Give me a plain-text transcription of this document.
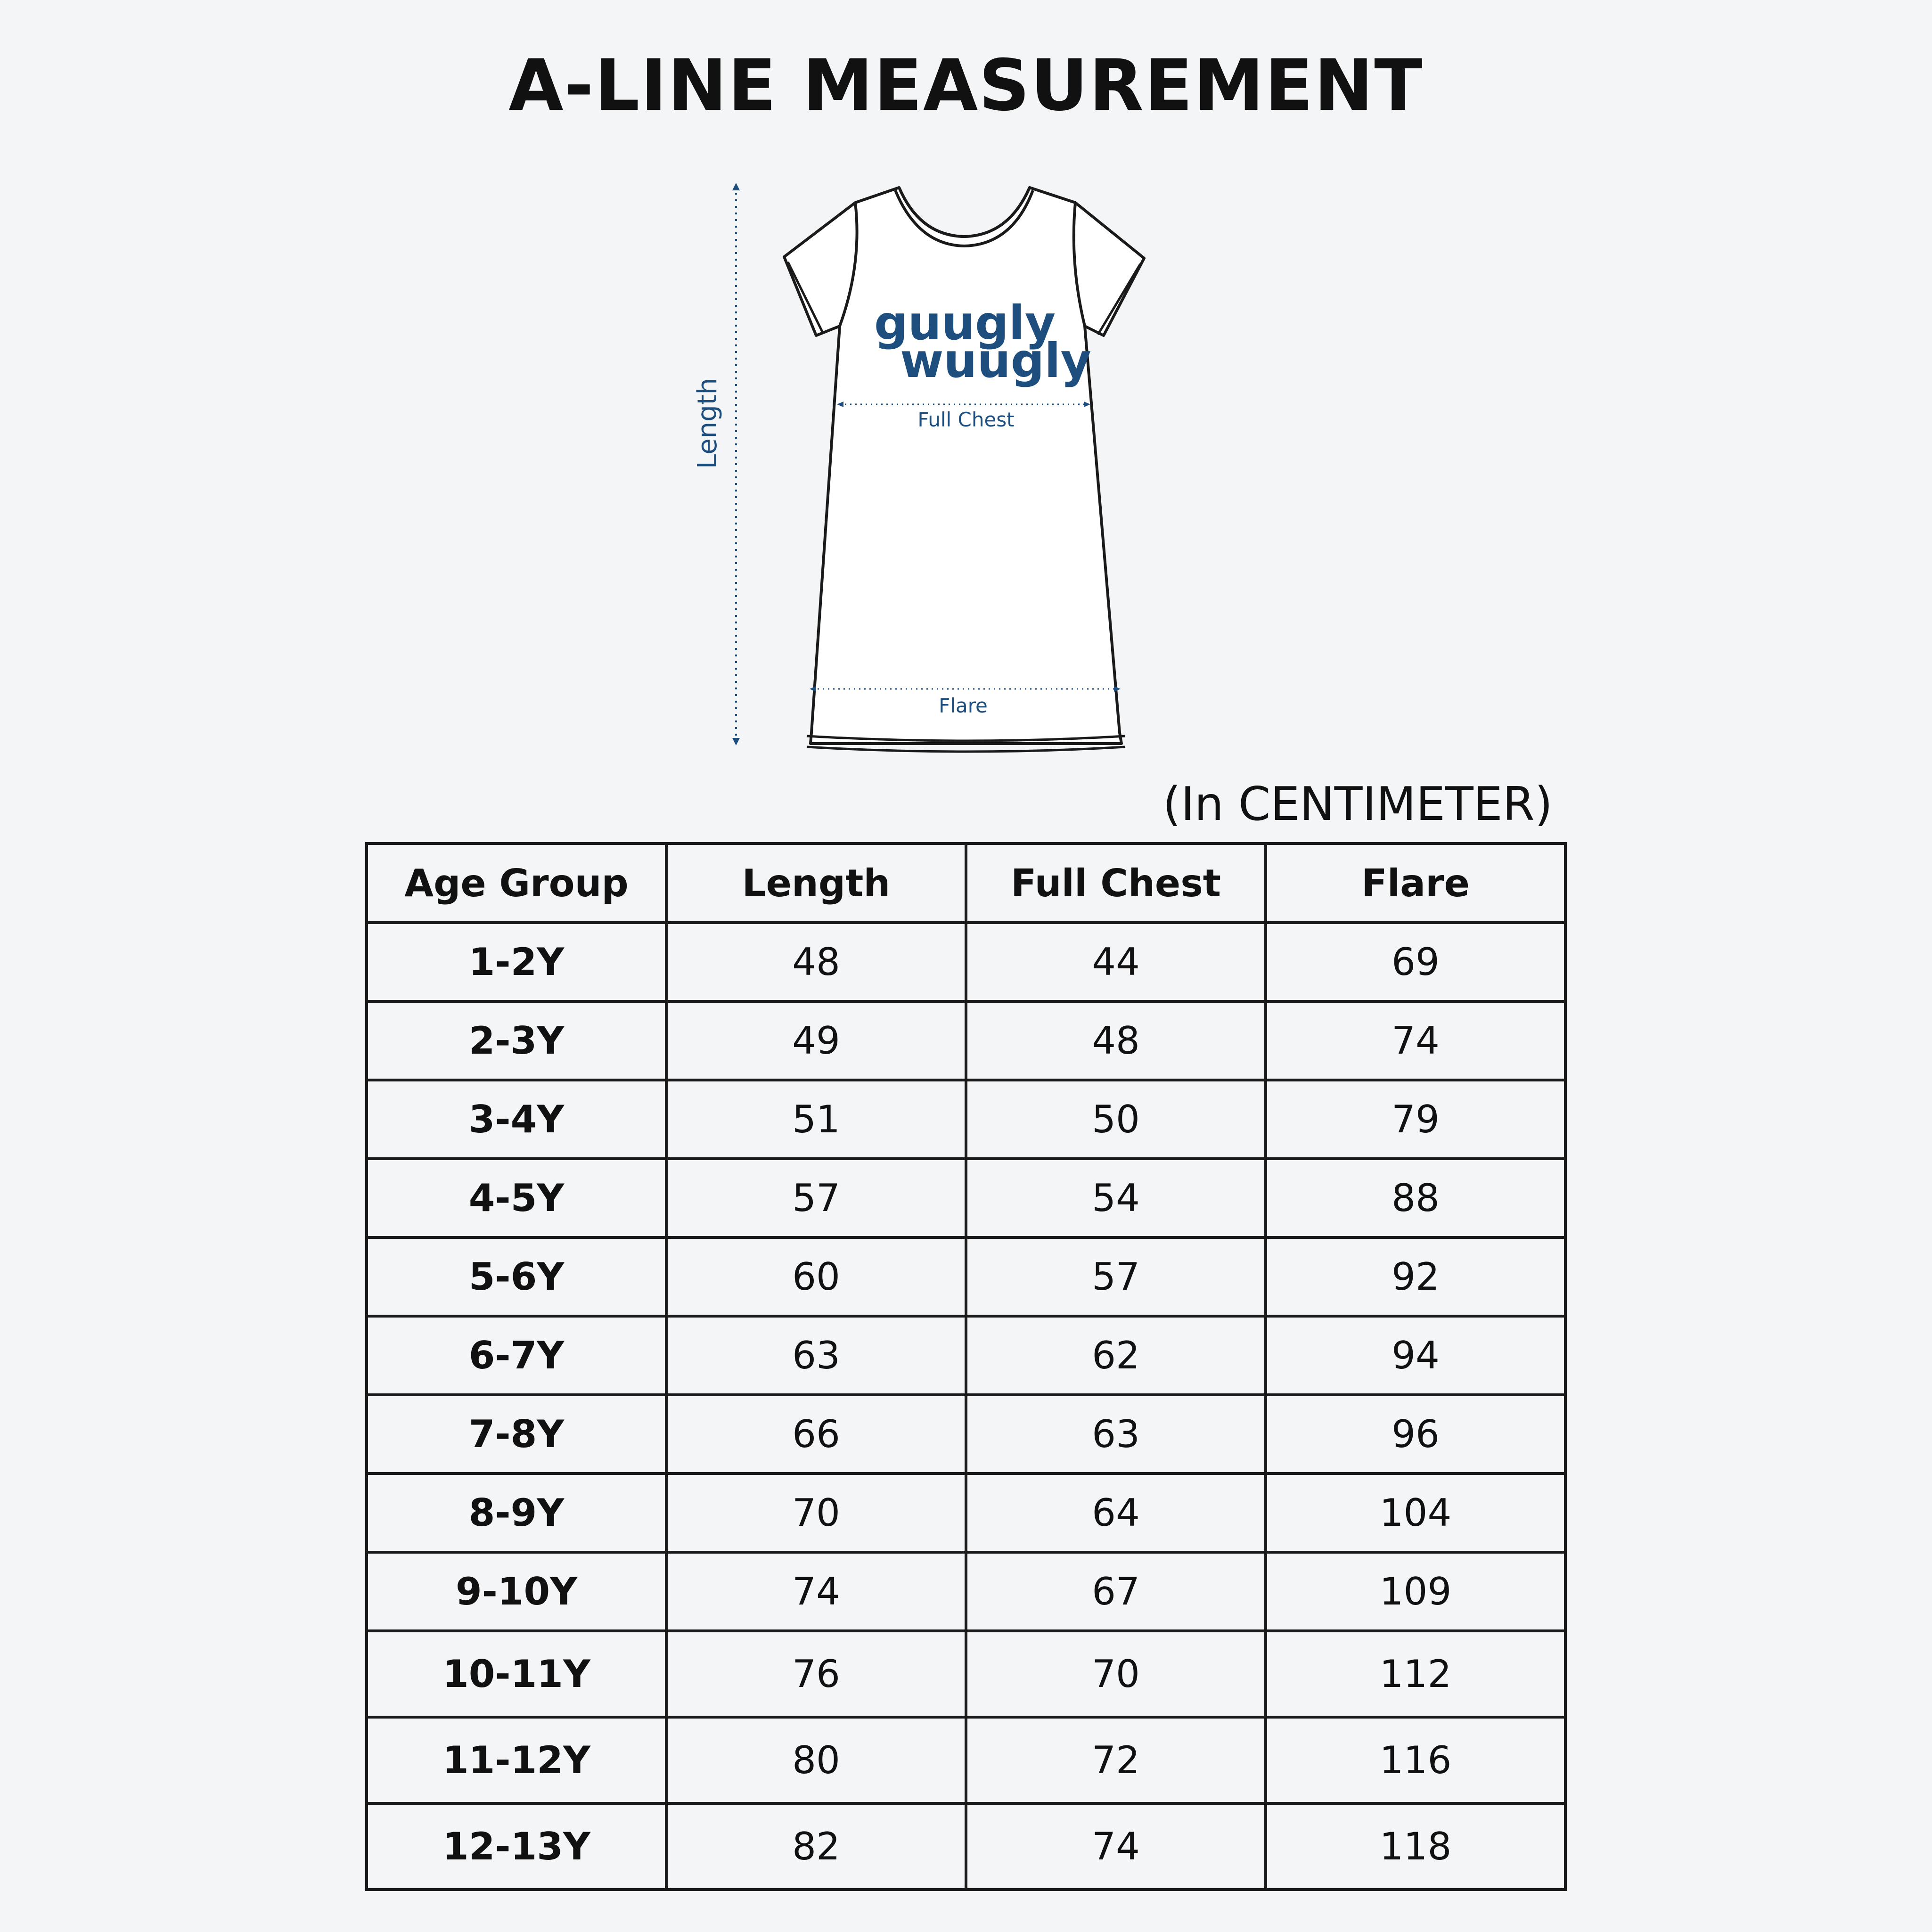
A-LINE MEASUREMENT
Length
guugly
wuugly
Full Chest
Flare
(In CENTIMETER)
Age Group	Length	Full Chest	Flare
1-2Y	48	44	69
2-3Y	49	48	74
3-4Y	51	50	79
4-5Y	57	54	88
5-6Y	60	57	92
6-7Y	63	62	94
7-8Y	66	63	96
8-9Y	70	64	104
9-10Y	74	67	109
10-11Y	76	70	112
11-12Y	80	72	116
12-13Y	82	74	118
